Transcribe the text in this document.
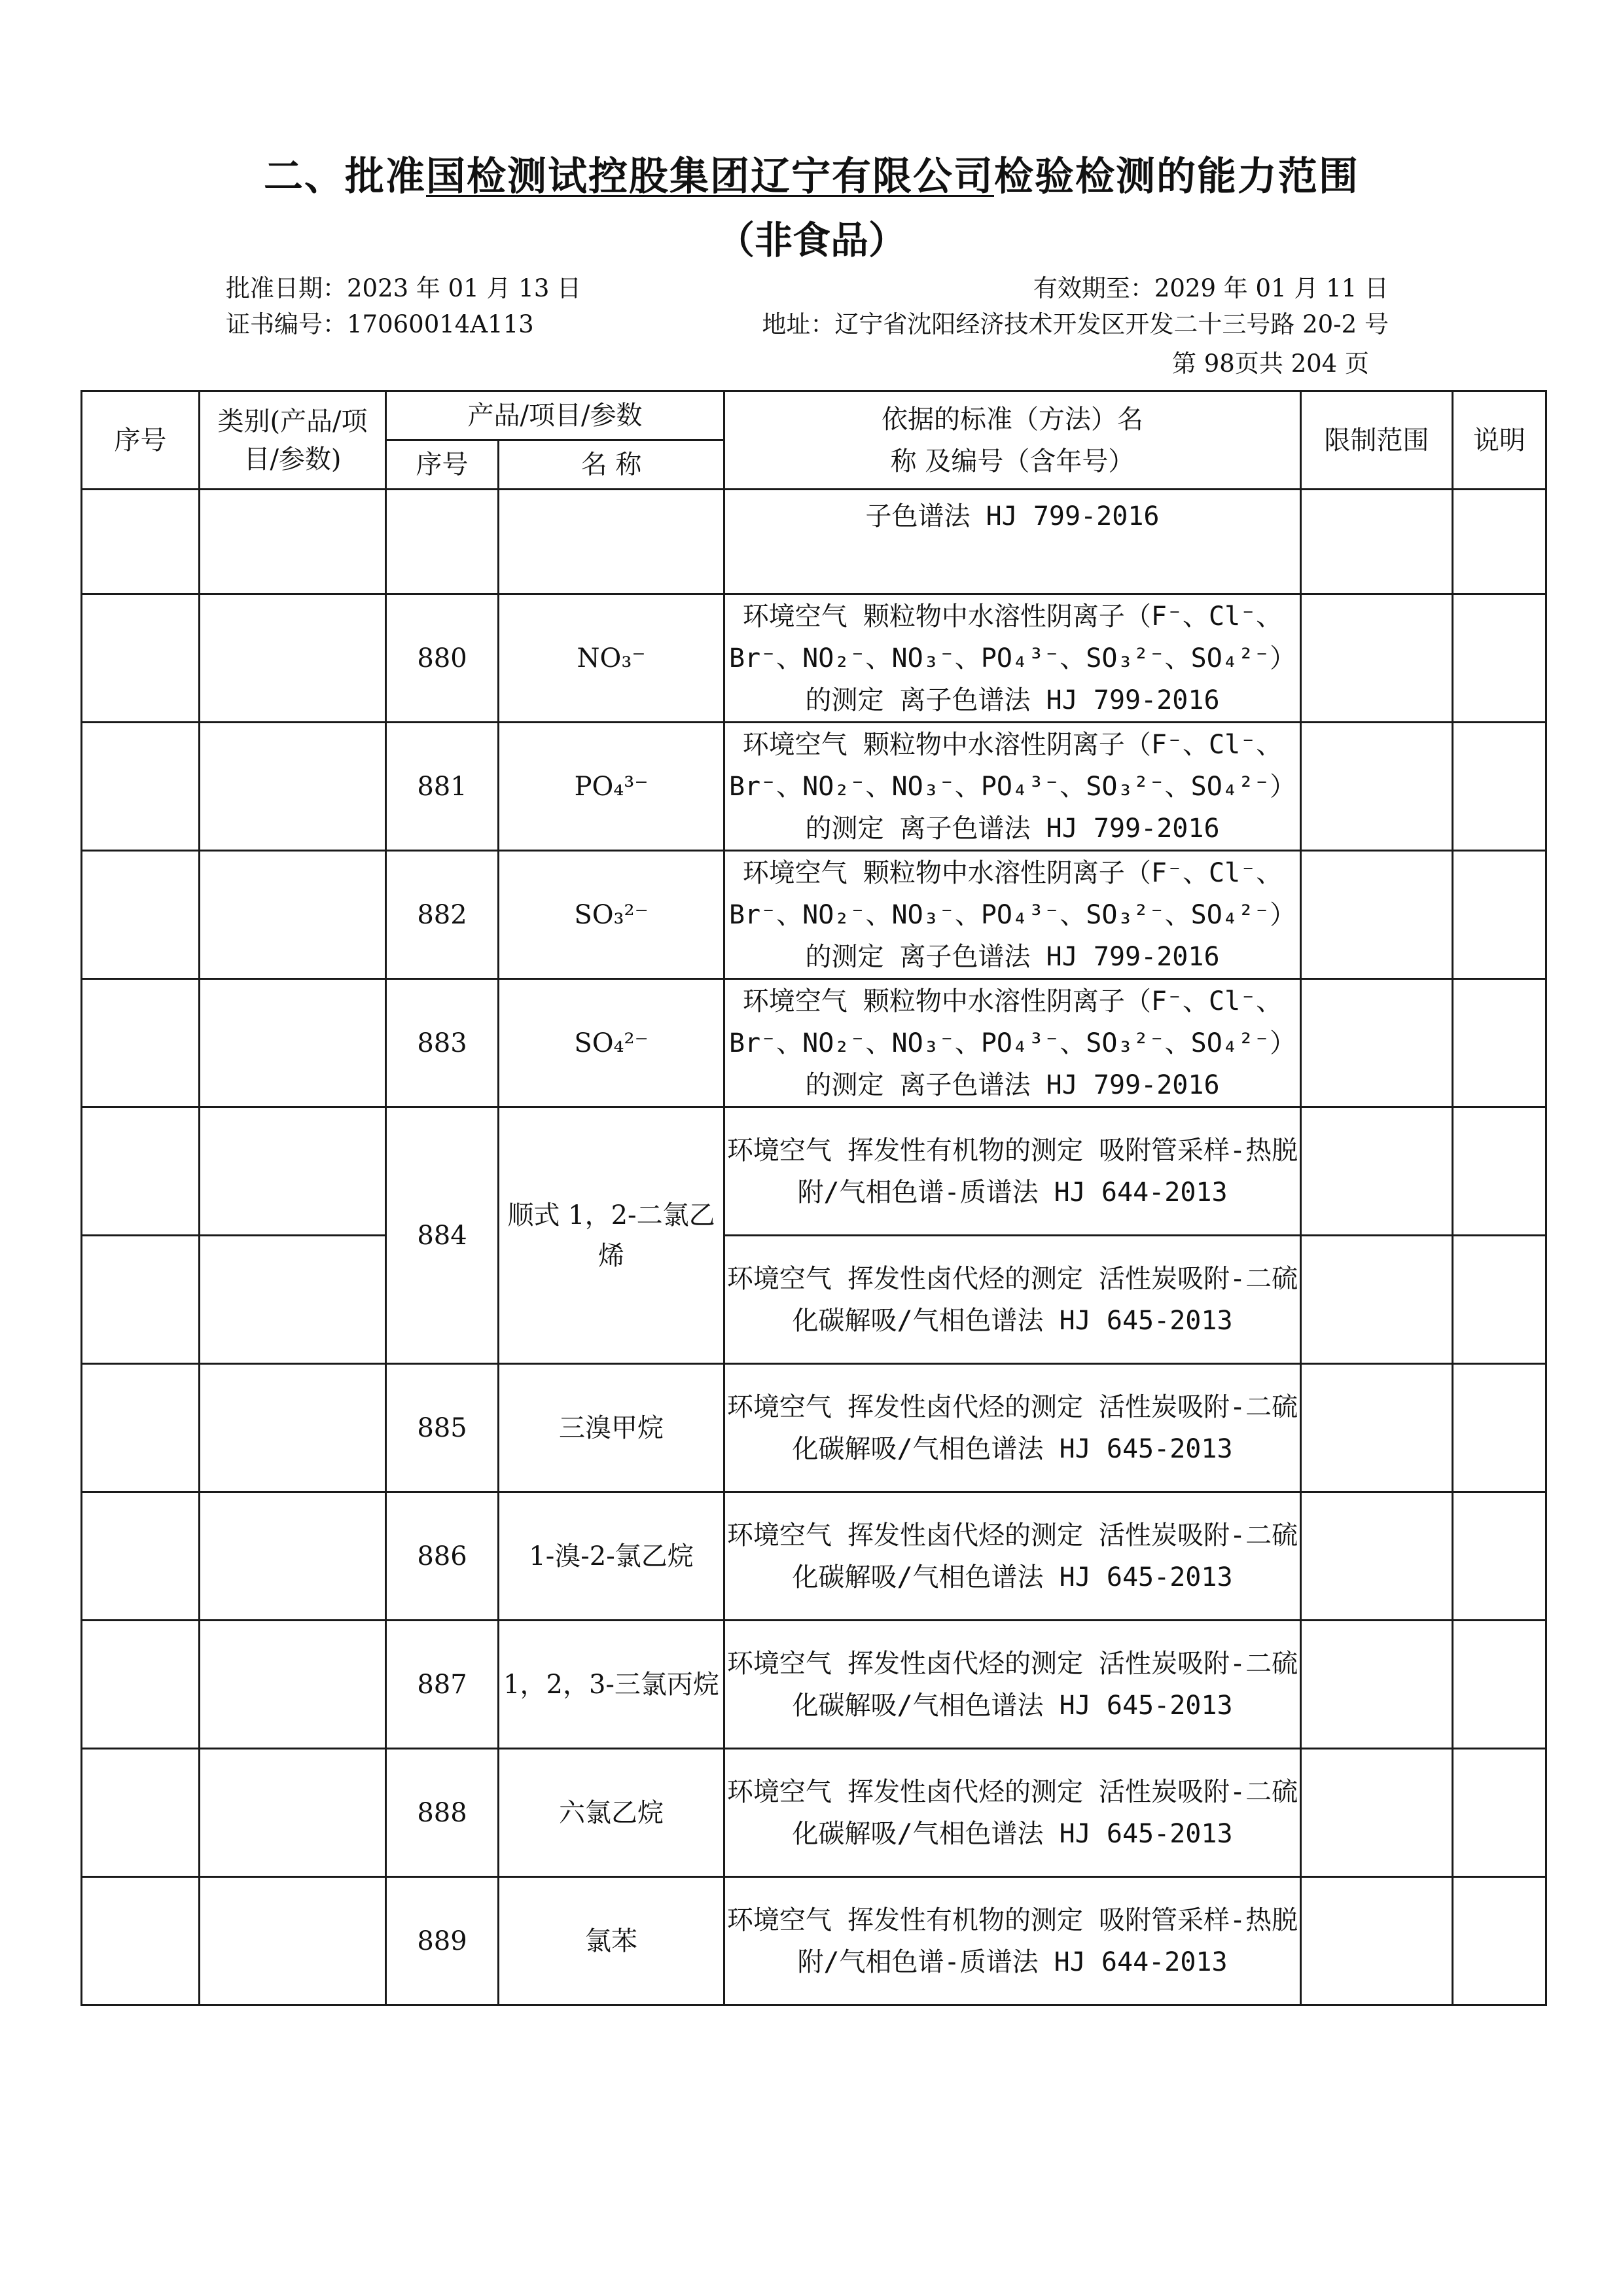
二、批准国检测试控股集团辽宁有限公司检验检测的能力范围
（非食品）
批准日期：2023 年 01 月 13 日	有效期至：2029 年 01 月 11 日
证书编号：17060014A113	地址：辽宁省沈阳经济技术开发区开发二十三号路 20-2 号
第 98页共 204 页
序号	类别(产品/项目/参数)	产品/项目/参数		依据的标准（方法）名称 及编号（含年号）	限制范围	说明
		序号	名 称			
				子色谱法 HJ 799-2016		
		880	NO₃⁻	环境空气 颗粒物中水溶性阴离子（F⁻、Cl⁻、Br⁻、NO₂⁻、NO₃⁻、PO₄³⁻、SO₃²⁻、SO₄²⁻）的测定 离子色谱法 HJ 799-2016		
		881	PO₄³⁻	环境空气 颗粒物中水溶性阴离子（F⁻、Cl⁻、Br⁻、NO₂⁻、NO₃⁻、PO₄³⁻、SO₃²⁻、SO₄²⁻）的测定 离子色谱法 HJ 799-2016		
		882	SO₃²⁻	环境空气 颗粒物中水溶性阴离子（F⁻、Cl⁻、Br⁻、NO₂⁻、NO₃⁻、PO₄³⁻、SO₃²⁻、SO₄²⁻）的测定 离子色谱法 HJ 799-2016		
		883	SO₄²⁻	环境空气 颗粒物中水溶性阴离子（F⁻、Cl⁻、Br⁻、NO₂⁻、NO₃⁻、PO₄³⁻、SO₃²⁻、SO₄²⁻）的测定 离子色谱法 HJ 799-2016		
		884	顺式 1，2-二氯乙烯	环境空气 挥发性有机物的测定 吸附管采样-热脱附/气相色谱-质谱法 HJ 644-2013		
				环境空气 挥发性卤代烃的测定 活性炭吸附-二硫化碳解吸/气相色谱法 HJ 645-2013		
		885	三溴甲烷	环境空气 挥发性卤代烃的测定 活性炭吸附-二硫化碳解吸/气相色谱法 HJ 645-2013		
		886	1-溴-2-氯乙烷	环境空气 挥发性卤代烃的测定 活性炭吸附-二硫化碳解吸/气相色谱法 HJ 645-2013		
		887	1，2，3-三氯丙烷	环境空气 挥发性卤代烃的测定 活性炭吸附-二硫化碳解吸/气相色谱法 HJ 645-2013		
		888	六氯乙烷	环境空气 挥发性卤代烃的测定 活性炭吸附-二硫化碳解吸/气相色谱法 HJ 645-2013		
		889	氯苯	环境空气 挥发性有机物的测定 吸附管采样-热脱附/气相色谱-质谱法 HJ 644-2013		
